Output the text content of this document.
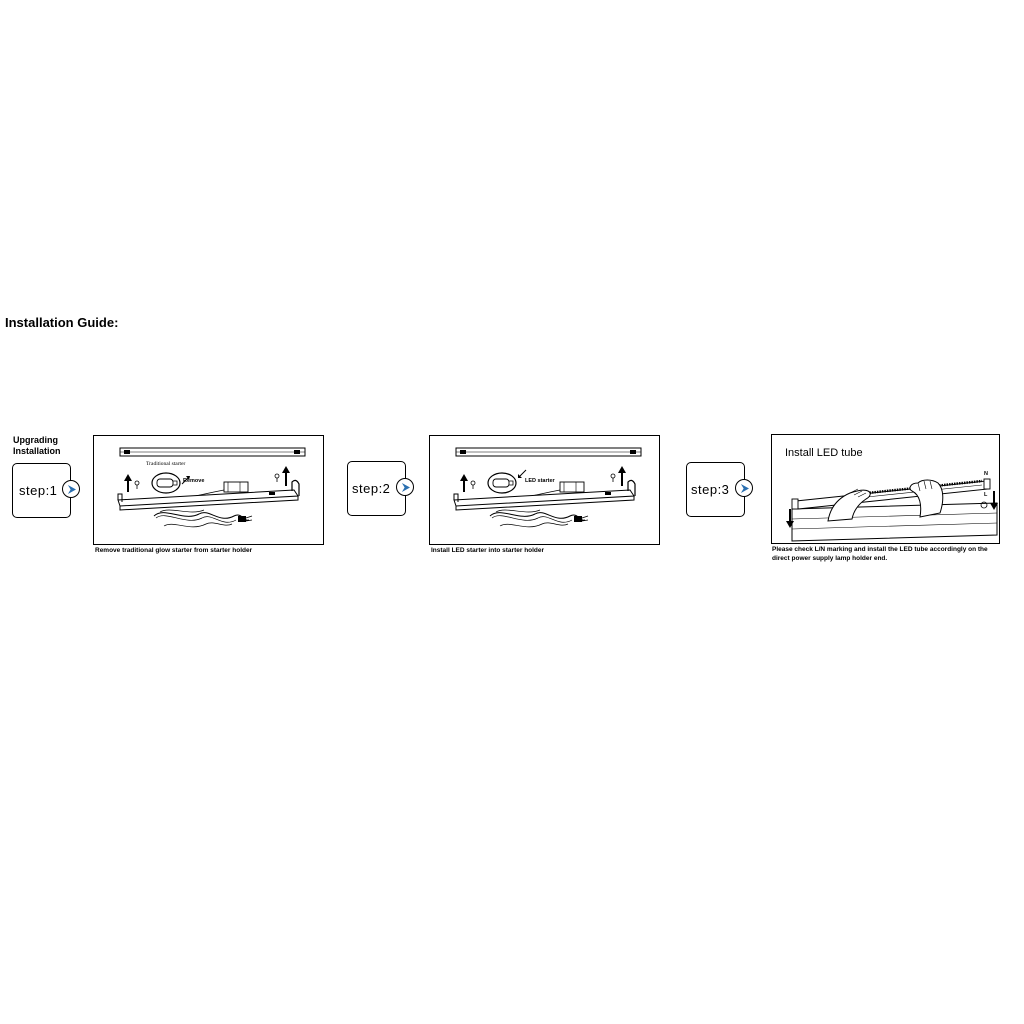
Installation Guide:
Upgrading
Installation
step:1
Traditional starter
Remove
Remove traditional glow starter from starter holder
step:2	LED starter
Install LED starter into starter holder
step:3
Install LED tube
N
L
Please check L/N marking and install the LED tube accordingly on the
direct power supply lamp holder end.
